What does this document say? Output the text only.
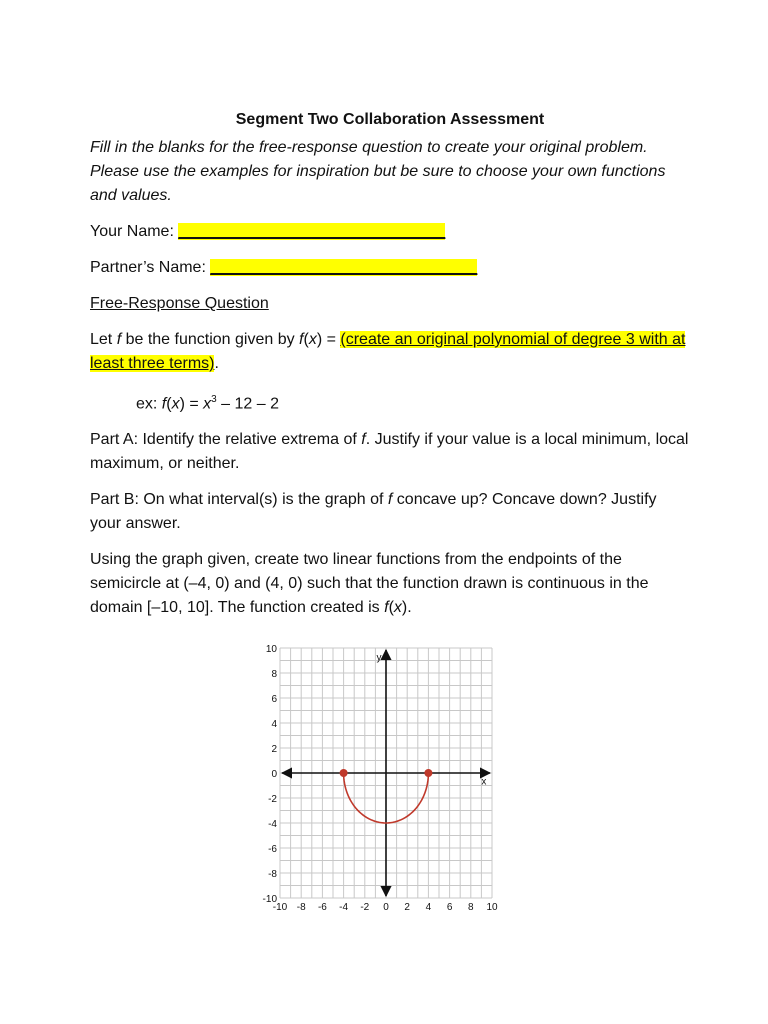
Segment Two Collaboration Assessment

Fill in the blanks for the free-response question to create your original problem. Please use the examples for inspiration but be sure to choose your own functions and values.

Your Name: ______________________________

Partner’s Name: ______________________________

Free-Response Question

Let f be the function given by f(x) = (create an original polynomial of degree 3 with at least three terms).

ex: $f(x) = x^3 - 12 - 2$

Part A: Identify the relative extrema of f. Justify if your value is a local minimum, local maximum, or neither.

Part B: On what interval(s) is the graph of f concave up? Concave down? Justify your answer.

Using the graph given, create two linear functions from the endpoints of the semicircle at (–4, 0) and (4, 0) such that the function drawn is continuous in the domain [–10, 10]. The function created is f(x).

x
y
-10 -8 -6 -4 -2 0 2 4 6 8 10
10
8
6
4
2
0
-2
-4
-6
-8
-10
